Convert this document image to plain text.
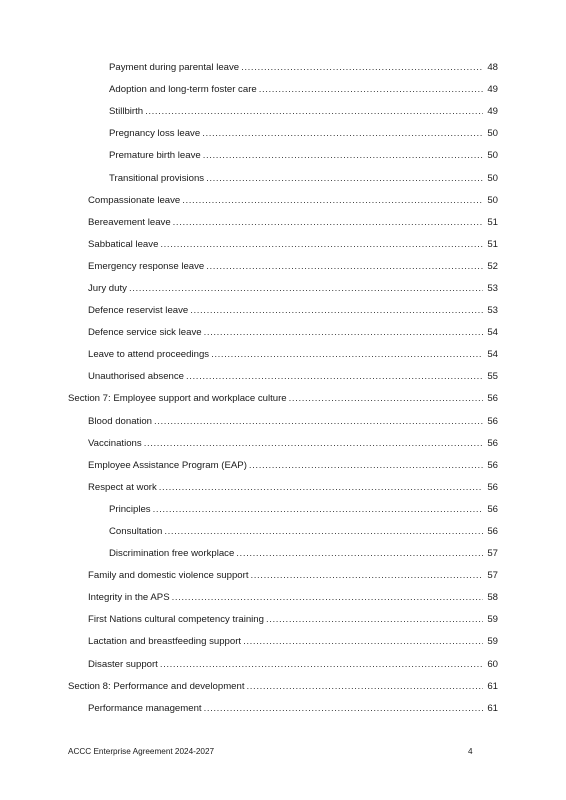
Payment during parental leave .....	48
Adoption and long-term foster care .....	49
Stillbirth .....	49
Pregnancy loss leave .....	50
Premature birth leave .....	50
Transitional provisions .....	50
Compassionate leave .....	50
Bereavement leave .....	51
Sabbatical leave .....	51
Emergency response leave .....	52
Jury duty .....	53
Defence reservist leave .....	53
Defence service sick leave .....	54
Leave to attend proceedings .....	54
Unauthorised absence .....	55
Section 7: Employee support and workplace culture .....	56
Blood donation .....	56
Vaccinations .....	56
Employee Assistance Program (EAP) .....	56
Respect at work .....	56
Principles .....	56
Consultation .....	56
Discrimination free workplace .....	57
Family and domestic violence support .....	57
Integrity in the APS .....	58
First Nations cultural competency training .....	59
Lactation and breastfeeding support .....	59
Disaster support .....	60
Section 8: Performance and development .....	61
Performance management .....	61
ACCC Enterprise Agreement 2024-2027	4
